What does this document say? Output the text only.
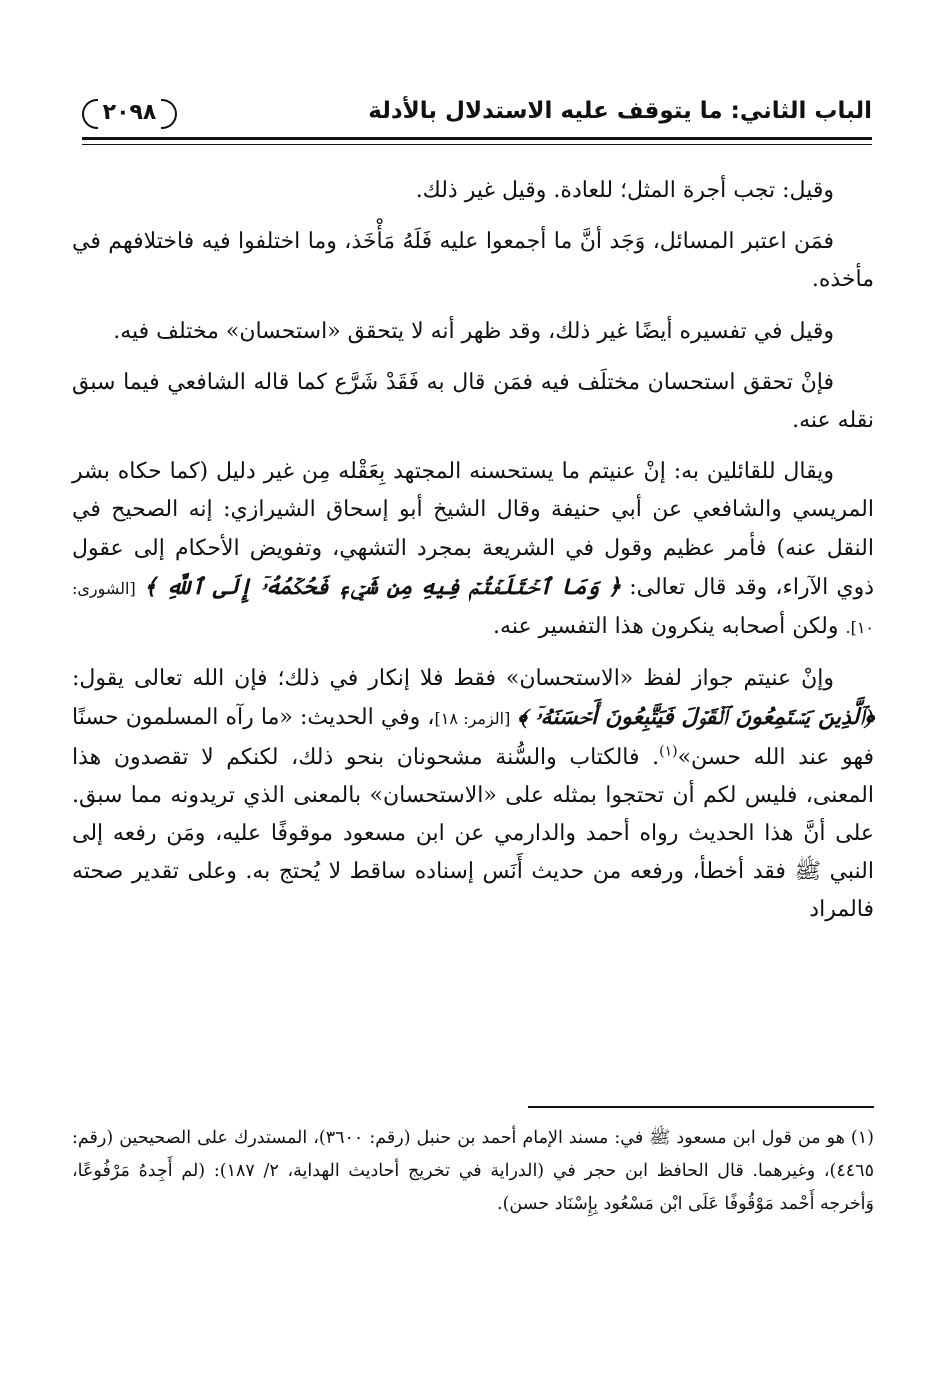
الباب الثاني: ما يتوقف عليه الاستدلال بالأدلة
٢٠٩٨

وقيل: تجب أجرة المثل؛ للعادة. وقيل غير ذلك.

فمَن اعتبر المسائل، وَجَد أنَّ ما أجمعوا عليه فَلَهُ مَأْخَذ، وما اختلفوا فيه فاختلافهم في مأخذه.

وقيل في تفسيره أيضًا غير ذلك، وقد ظهر أنه لا يتحقق «استحسان» مختلف فيه.

فإنْ تحقق استحسان مختلَف فيه فمَن قال به فَقَدْ شَرَّع كما قاله الشافعي فيما سبق نقله عنه.

ويقال للقائلين به: إنْ عنيتم ما يستحسنه المجتهد بِعَقْله مِن غير دليل (كما حكاه بشر المريسي والشافعي عن أبي حنيفة وقال الشيخ أبو إسحاق الشيرازي: إنه الصحيح في النقل عنه) فأمر عظيم وقول في الشريعة بمجرد التشهي، وتفويض الأحكام إلى عقول ذوي الآراء، وقد قال تعالى: ﴿ وَمَا ٱخۡتَلَفۡتُمۡ فِيهِ مِن شَيۡءٖ فَحُكۡمُهُۥٓ إِلَى ٱللَّهِ ﴾ [الشورى: ١٠]. ولكن أصحابه ينكرون هذا التفسير عنه.

وإنْ عنيتم جواز لفظ «الاستحسان» فقط فلا إنكار في ذلك؛ فإن الله تعالى يقول: ﴿ٱلَّذِينَ يَسۡتَمِعُونَ ٱلۡقَوۡلَ فَيَتَّبِعُونَ أَحۡسَنَهُۥٓ ﴾ [الزمر: ١٨]، وفي الحديث: «ما رآه المسلمون حسنًا فهو عند الله حسن»$^{(١)}$. فالكتاب والسُّنة مشحونان بنحو ذلك، لكنكم لا تقصدون هذا المعنى، فليس لكم أن تحتجوا بمثله على «الاستحسان» بالمعنى الذي تريدونه مما سبق. على أنَّ هذا الحديث رواه أحمد والدارمي عن ابن مسعود موقوفًا عليه، ومَن رفعه إلى النبي ﷺ فقد أخطأ، ورفعه من حديث أَنَس إسناده ساقط لا يُحتج به. وعلى تقدير صحته فالمراد

(١) هو من قول ابن مسعود ﷺ في: مسند الإمام أحمد بن حنبل (رقم: ٣٦٠٠)، المستدرك على الصحيحين (رقم: ٤٤٦٥)، وغيرهما. قال الحافظ ابن حجر في (الدراية في تخريج أحاديث الهداية، ٢/ ١٨٧): (لم أَجِدهُ مَرْفُوعًا، وَأخرجه أَحْمد مَوْقُوفًا عَلَى ابْن مَسْعُود بِإِسْنَاد حسن).
